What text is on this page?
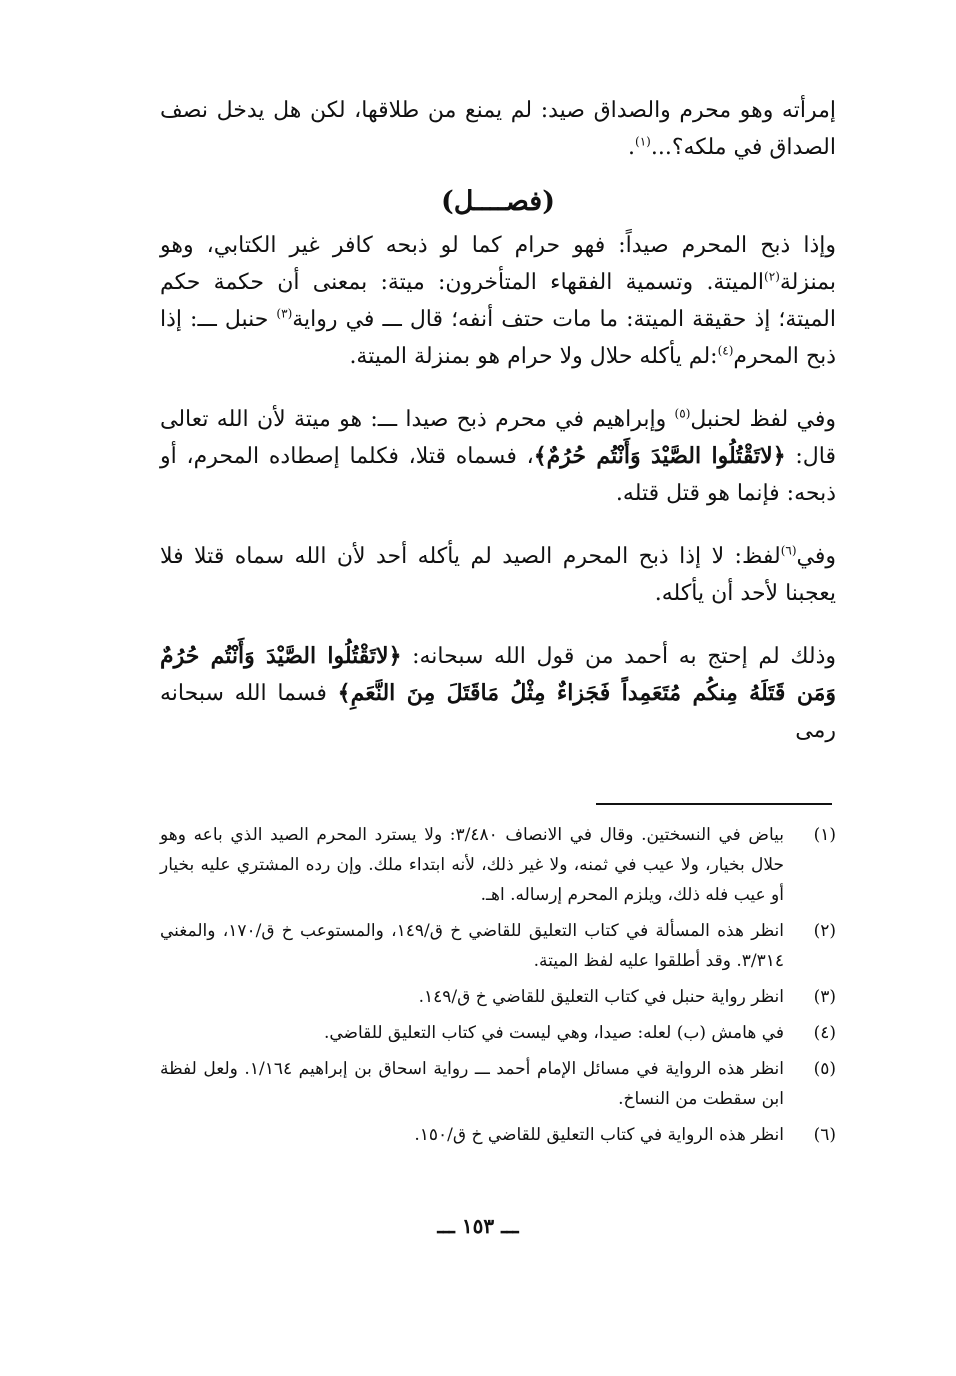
إمرأته وهو محرم والصداق صيد: لم يمنع من طلاقها، لكن هل يدخل نصف الصداق في ملكه؟...$^{(١)}$.

(فصــــل)

وإذا ذبح المحرم صيداً: فهو حرام كما لو ذبحه كافر غير الكتابي، وهو بمنزلة$^{(٢)}$الميتة. وتسمية الفقهاء المتأخرون: ميتة: بمعنى أن حكمة حكم الميتة؛ إذ حقيقة الميتة: ما مات حتف أنفه؛ قال ـــ في رواية$^{(٣)}$ حنبل ـــ: إذا ذبح المحرم$^{(٤)}$:لم يأكله حلال ولا حرام هو بمنزلة الميتة.

وفي لفظ لحنبل$^{(٥)}$ وإبراهيم في محرم ذبح صيدا ـــ: هو ميتة لأن الله تعالى قال: ﴿لاتَقْتُلُوا الصَّيْدَ وَأَنْتُم حُرُمٌ﴾، فسماه قتلا، فكلما إصطاده المحرم، أو ذبحه: فإنما هو قتل قتله.

وفي$^{(٦)}$لفظ: لا إذا ذبح المحرم الصيد لم يأكله أحد لأن الله سماه قتلا فلا يعجبنا لأحد أن يأكله.

وذلك لم إحتج به أحمد من قول الله سبحانه: ﴿لاتَقْتُلُوا الصَّيْدَ وَأَنْتُم حُرُمٌ وَمَن قَتَلَهُ مِنكُم مُتَعَمِداً فَجَزاءٌ مِثْلُ مَاقَتَلَ مِنَ النَّعَمِ﴾ فسما الله سبحانه رمى

(١)
بياض في النسختين. وقال في الانصاف ٣/٤٨٠: ولا يسترد المحرم الصيد الذي باعه وهو حلال بخيار، ولا عيب في ثمنه، ولا غير ذلك، لأنه ابتداء ملك. وإن رده المشتري عليه بخيار أو عيب فله ذلك، ويلزم المحرم إرساله. اهـ.
(٢)
انظر هذه المسألة في كتاب التعليق للقاضي خ ق/١٤٩، والمستوعب خ ق/١٧٠، والمغني ٣/٣١٤. وقد أطلقوا عليه لفظ الميتة.
(٣)
انظر رواية حنبل في كتاب التعليق للقاضي خ ق/١٤٩.
(٤)
في هامش (ب) لعله: صيدا، وهي ليست في كتاب التعليق للقاضي.
(٥)
انظر هذه الرواية في مسائل الإمام أحمد ـــ رواية اسحاق بن إبراهيم ١/١٦٤. ولعل لفظة ابن سقطت من النساخ.
(٦)
انظر هذه الرواية في كتاب التعليق للقاضي خ ق/١٥٠.
ـــ ١٥٣ ـــ
